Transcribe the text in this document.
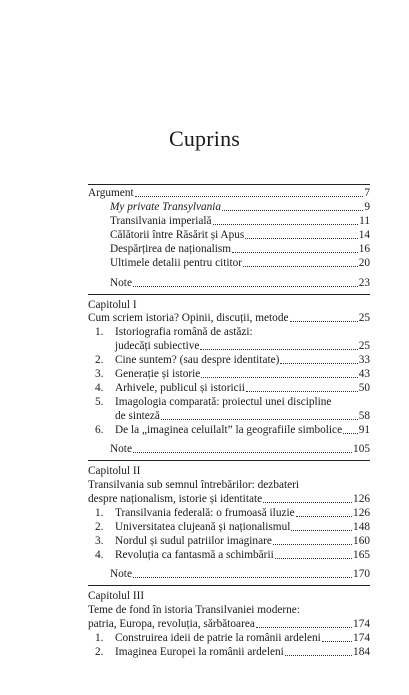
Cuprins
Argument	7
My private Transylvania	9
Transilvania imperială	11
Călătorii între Răsărit și Apus	14
Despărțirea de naționalism	16
Ultimele detalii pentru cititor	20
Note	23
Capitolul I
Cum scriem istoria? Opinii, discuții, metode	25
1. Istoriografia română de astăzi:
judecăți subiective	25
2. Cine suntem? (sau despre identitate)	33
3. Generație și istorie	43
4. Arhivele, publicul și istoricii	50
5. Imagologia comparată: proiectul unei discipline
de sinteză	58
6. De la „imaginea celuilalt” la geografiile simbolice 91
Note	105
Capitolul II
Transilvania sub semnul întrebărilor: dezbateri
despre naționalism, istorie și identitate	126
1. Transilvania federală: o frumoasă iluzie	126
2. Universitatea clujeană și naționalismul	148
3. Nordul și sudul patriilor imaginare	160
4. Revoluția ca fantasmă a schimbării	165
Note	170
Capitolul III
Teme de fond în istoria Transilvaniei moderne:
patria, Europa, revoluția, sărbătoarea	174
1. Construirea ideii de patrie la românii ardeleni	174
2. Imaginea Europei la românii ardeleni	184
